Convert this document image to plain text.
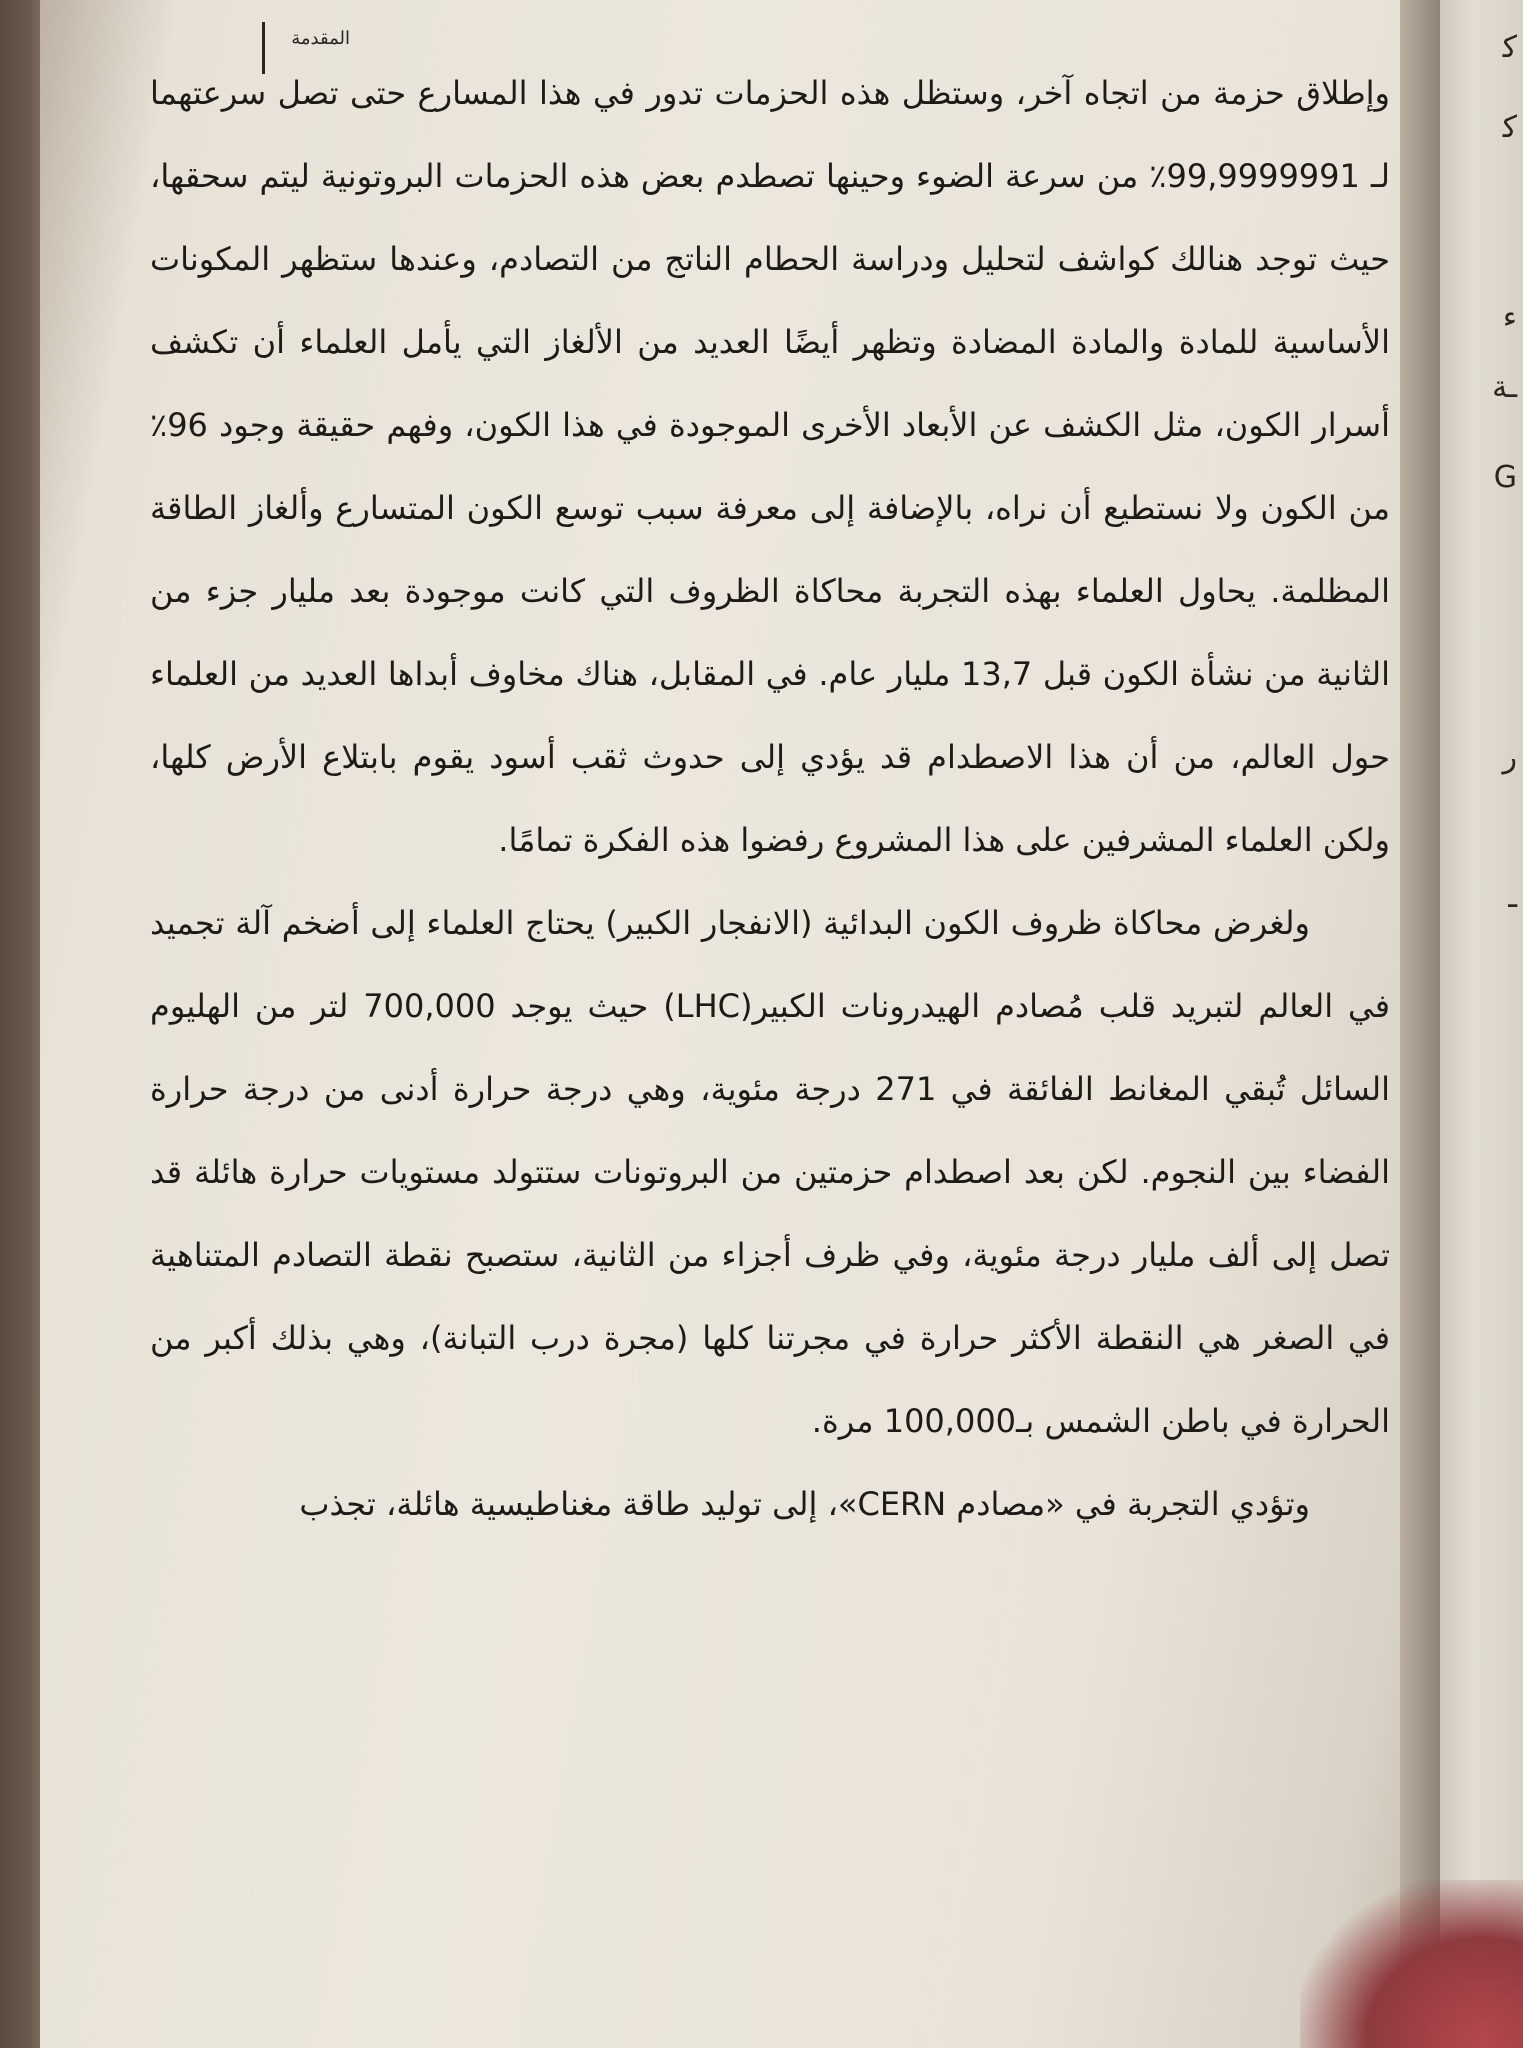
المقدمة

وإطلاق حزمة من اتجاه آخر، وستظل هذه الحزمات تدور في هذا المسارع حتى تصل سرعتهما لـ 99,9999991٪ من سرعة الضوء وحينها تصطدم بعض هذه الحزمات البروتونية ليتم سحقها، حيث توجد هنالك كواشف لتحليل ودراسة الحطام الناتج من التصادم، وعندها ستظهر المكونات الأساسية للمادة والمادة المضادة وتظهر أيضًا العديد من الألغاز التي يأمل العلماء أن تكشف أسرار الكون، مثل الكشف عن الأبعاد الأخرى الموجودة في هذا الكون، وفهم حقيقة وجود 96٪ من الكون ولا نستطيع أن نراه، بالإضافة إلى معرفة سبب توسع الكون المتسارع وألغاز الطاقة المظلمة. يحاول العلماء بهذه التجربة محاكاة الظروف التي كانت موجودة بعد مليار جزء من الثانية من نشأة الكون قبل 13,7 مليار عام. في المقابل، هناك مخاوف أبداها العديد من العلماء حول العالم، من أن هذا الاصطدام قد يؤدي إلى حدوث ثقب أسود يقوم بابتلاع الأرض كلها، ولكن العلماء المشرفين على هذا المشروع رفضوا هذه الفكرة تمامًا.

ولغرض محاكاة ظروف الكون البدائية (الانفجار الكبير) يحتاج العلماء إلى أضخم آلة تجميد في العالم لتبريد قلب مُصادم الهيدرونات الكبير(LHC) حيث يوجد 700,000 لتر من الهليوم السائل تُبقي المغانط الفائقة في 271 درجة مئوية، وهي درجة حرارة أدنى من درجة حرارة الفضاء بين النجوم. لكن بعد اصطدام حزمتين من البروتونات ستتولد مستويات حرارة هائلة قد تصل إلى ألف مليار درجة مئوية، وفي ظرف أجزاء من الثانية، ستصبح نقطة التصادم المتناهية في الصغر هي النقطة الأكثر حرارة في مجرتنا كلها (مجرة درب التبانة)، وهي بذلك أكبر من الحرارة في باطن الشمس بـ100,000 مرة.

وتؤدي التجربة في «مصادم CERN»، إلى توليد طاقة مغناطيسية هائلة، تجذب

ﮐ
ﮐ
ء
ـة
G
ر
ـ
